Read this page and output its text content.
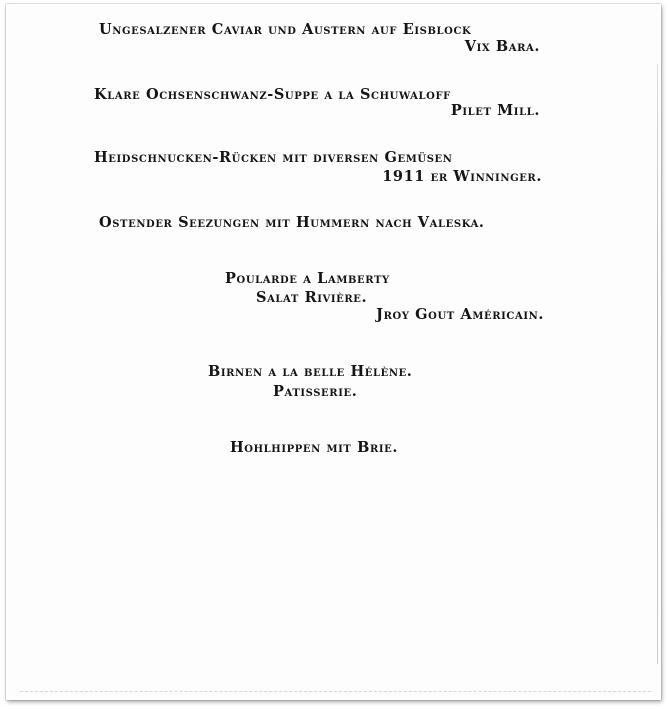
Ungesalzener Caviar und Austern auf Eisblock
Vix Bara.
Klare Ochsenschwanz-Suppe a la Schuwaloff
Pilet Mill.
Heidschnucken-Rücken mit diversen Gemüsen
1911 er Winninger.
Ostender Seezungen mit Hummern nach Valeska.
Poularde a Lamberty
Salat Rivière.
Jroy Gout Américain.
Birnen a la belle Hélène.
Patisserie.
Hohlhippen mit Brie.
